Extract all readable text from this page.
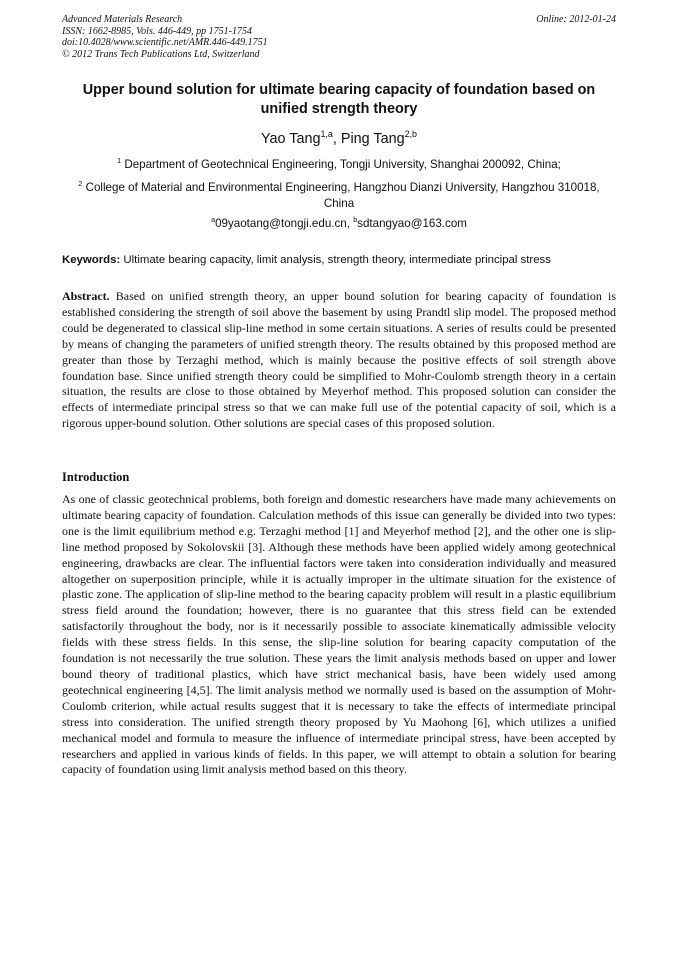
Advanced Materials Research
ISSN: 1662-8985, Vols. 446-449, pp 1751-1754
doi:10.4028/www.scientific.net/AMR.446-449.1751
© 2012 Trans Tech Publications Ltd, Switzerland
Online: 2012-01-24
Upper bound solution for ultimate bearing capacity of foundation based on unified strength theory
Yao Tang$^{1,a}$, Ping Tang$^{2,b}$
$^1$ Department of Geotechnical Engineering, Tongji University, Shanghai 200092, China;
$^2$ College of Material and Environmental Engineering, Hangzhou Dianzi University, Hangzhou 310018, China
$^a$09yaotang@tongji.edu.cn, $^b$sdtangyao@163.com
Keywords: Ultimate bearing capacity, limit analysis, strength theory, intermediate principal stress
Abstract. Based on unified strength theory, an upper bound solution for bearing capacity of foundation is established considering the strength of soil above the basement by using Prandtl slip model. The proposed method could be degenerated to classical slip-line method in some certain situations. A series of results could be presented by means of changing the parameters of unified strength theory. The results obtained by this proposed method are greater than those by Terzaghi method, which is mainly because the positive effects of soil strength above foundation base. Since unified strength theory could be simplified to Mohr-Coulomb strength theory in a certain situation, the results are close to those obtained by Meyerhof method. This proposed solution can consider the effects of intermediate principal stress so that we can make full use of the potential capacity of soil, which is a rigorous upper-bound solution. Other solutions are special cases of this proposed solution.
Introduction
As one of classic geotechnical problems, both foreign and domestic researchers have made many achievements on ultimate bearing capacity of foundation. Calculation methods of this issue can generally be divided into two types: one is the limit equilibrium method e.g. Terzaghi method [1] and Meyerhof method [2], and the other one is slip-line method proposed by Sokolovskii [3]. Although these methods have been applied widely among geotechnical engineering, drawbacks are clear. The influential factors were taken into consideration individually and measured altogether on superposition principle, while it is actually improper in the ultimate situation for the existence of plastic zone. The application of slip-line method to the bearing capacity problem will result in a plastic equilibrium stress field around the foundation; however, there is no guarantee that this stress field can be extended satisfactorily throughout the body, nor is it necessarily possible to associate kinematically admissible velocity fields with these stress fields. In this sense, the slip-line solution for bearing capacity computation of the foundation is not necessarily the true solution. These years the limit analysis methods based on upper and lower bound theory of traditional plastics, which have strict mechanical basis, have been widely used among geotechnical engineering [4,5]. The limit analysis method we normally used is based on the assumption of Mohr-Coulomb criterion, while actual results suggest that it is necessary to take the effects of intermediate principal stress into consideration. The unified strength theory proposed by Yu Maohong [6], which utilizes a unified mechanical model and formula to measure the influence of intermediate principal stress, have been accepted by researchers and applied in various kinds of fields. In this paper, we will attempt to obtain a solution for bearing capacity of foundation using limit analysis method based on this theory.
